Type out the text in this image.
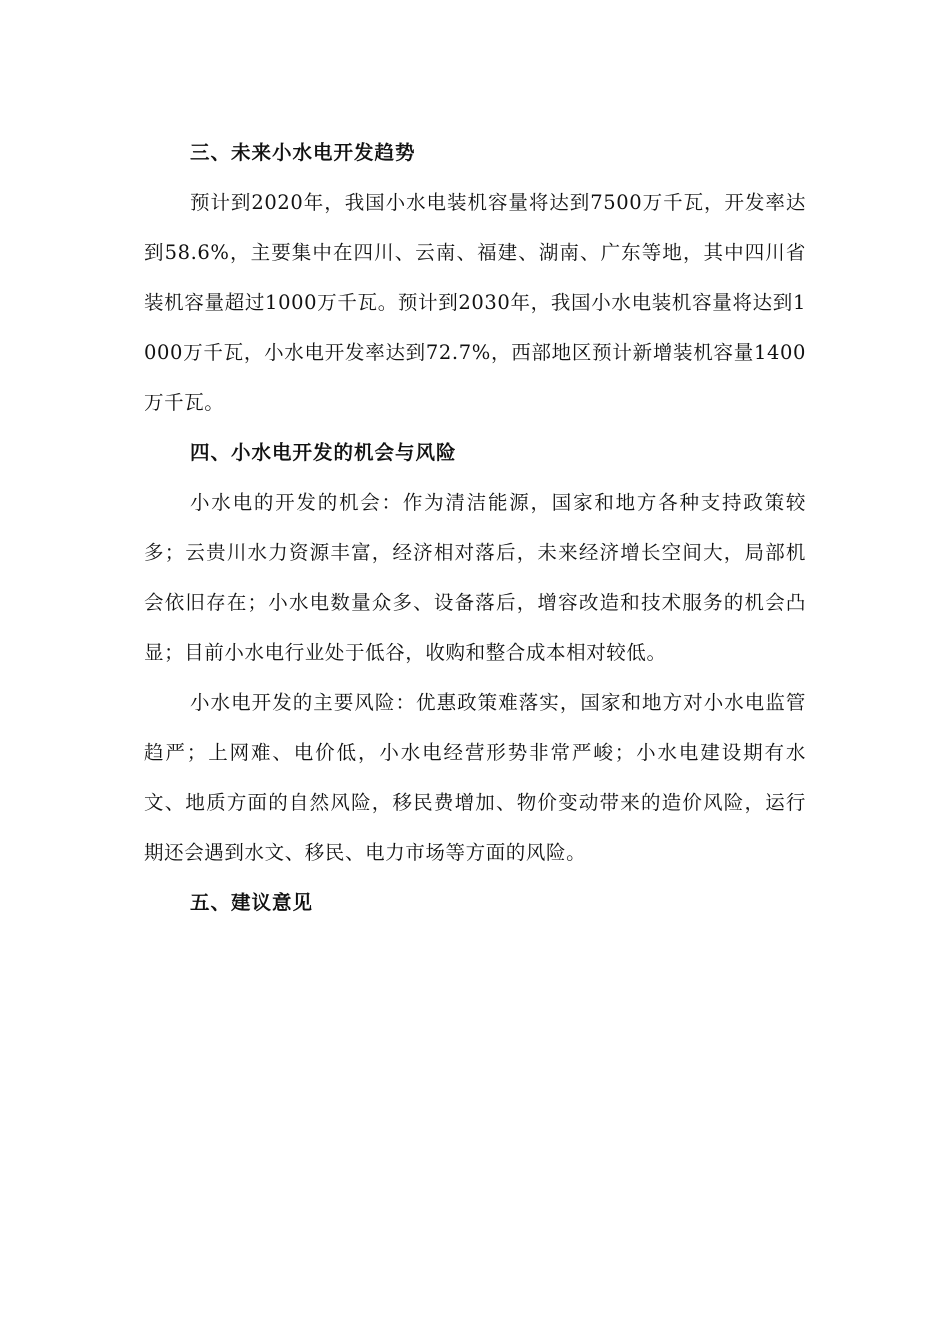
三、未来小水电开发趋势

预计到2020年，我国小水电装机容量将达到7500万千瓦，开发率达到58.6%，主要集中在四川、云南、福建、湖南、广东等地，其中四川省装机容量超过1000万千瓦。预计到2030年，我国小水电装机容量将达到1000万千瓦，小水电开发率达到72.7%，西部地区预计新增装机容量1400万千瓦。

四、小水电开发的机会与风险

小水电的开发的机会：作为清洁能源，国家和地方各种支持政策较多；云贵川水力资源丰富，经济相对落后，未来经济增长空间大，局部机会依旧存在；小水电数量众多、设备落后，增容改造和技术服务的机会凸显；目前小水电行业处于低谷，收购和整合成本相对较低。

小水电开发的主要风险：优惠政策难落实，国家和地方对小水电监管趋严；上网难、电价低，小水电经营形势非常严峻；小水电建设期有水文、地质方面的自然风险，移民费增加、物价变动带来的造价风险，运行期还会遇到水文、移民、电力市场等方面的风险。

五、建议意见
